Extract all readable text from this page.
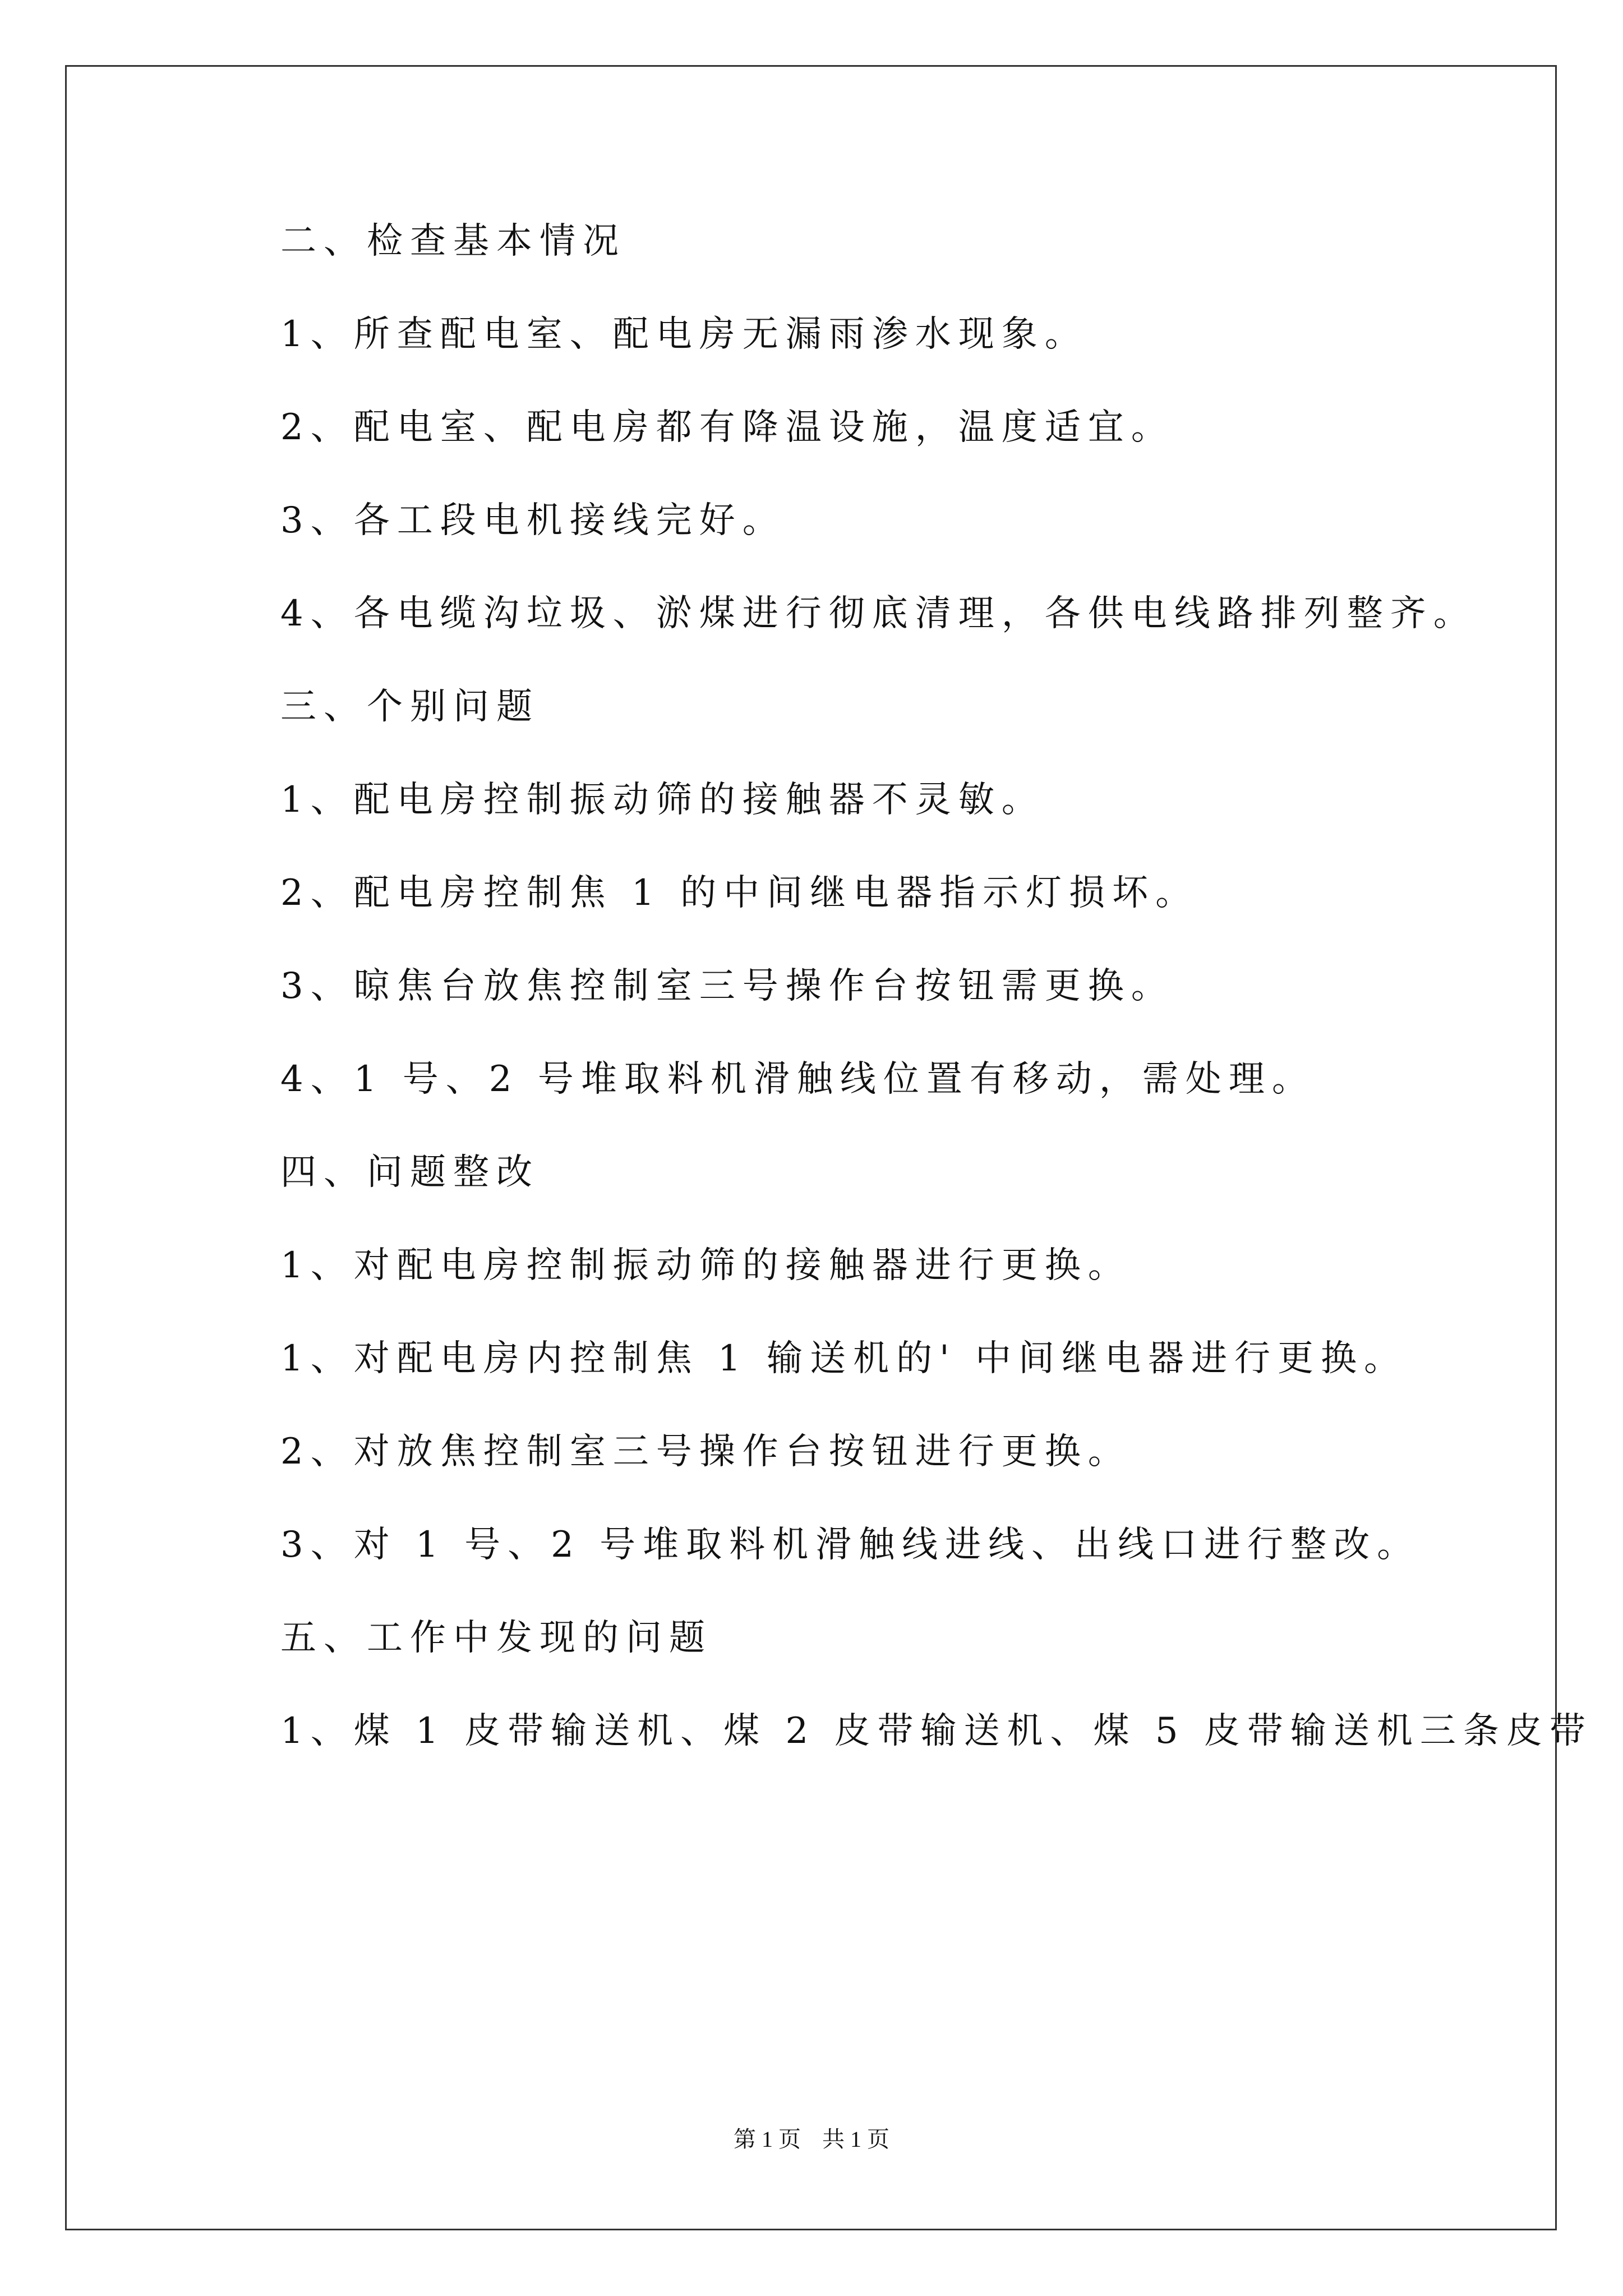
二、检查基本情况
1、所查配电室、配电房无漏雨渗水现象。
2、配电室、配电房都有降温设施，温度适宜。
3、各工段电机接线完好。
4、各电缆沟垃圾、淤煤进行彻底清理，各供电线路排列整齐。
三、个别问题
1、配电房控制振动筛的接触器不灵敏。
2、配电房控制焦 1 的中间继电器指示灯损坏。
3、晾焦台放焦控制室三号操作台按钮需更换。
4、1 号、2 号堆取料机滑触线位置有移动，需处理。
四、问题整改
1、对配电房控制振动筛的接触器进行更换。
1、对配电房内控制焦 1 输送机的' 中间继电器进行更换。
2、对放焦控制室三号操作台按钮进行更换。
3、对 1 号、2 号堆取料机滑触线进线、出线口进行整改。
五、工作中发现的问题
1、煤 1 皮带输送机、煤 2 皮带输送机、煤 5 皮带输送机三条皮带
第 1 页 共 1 页
